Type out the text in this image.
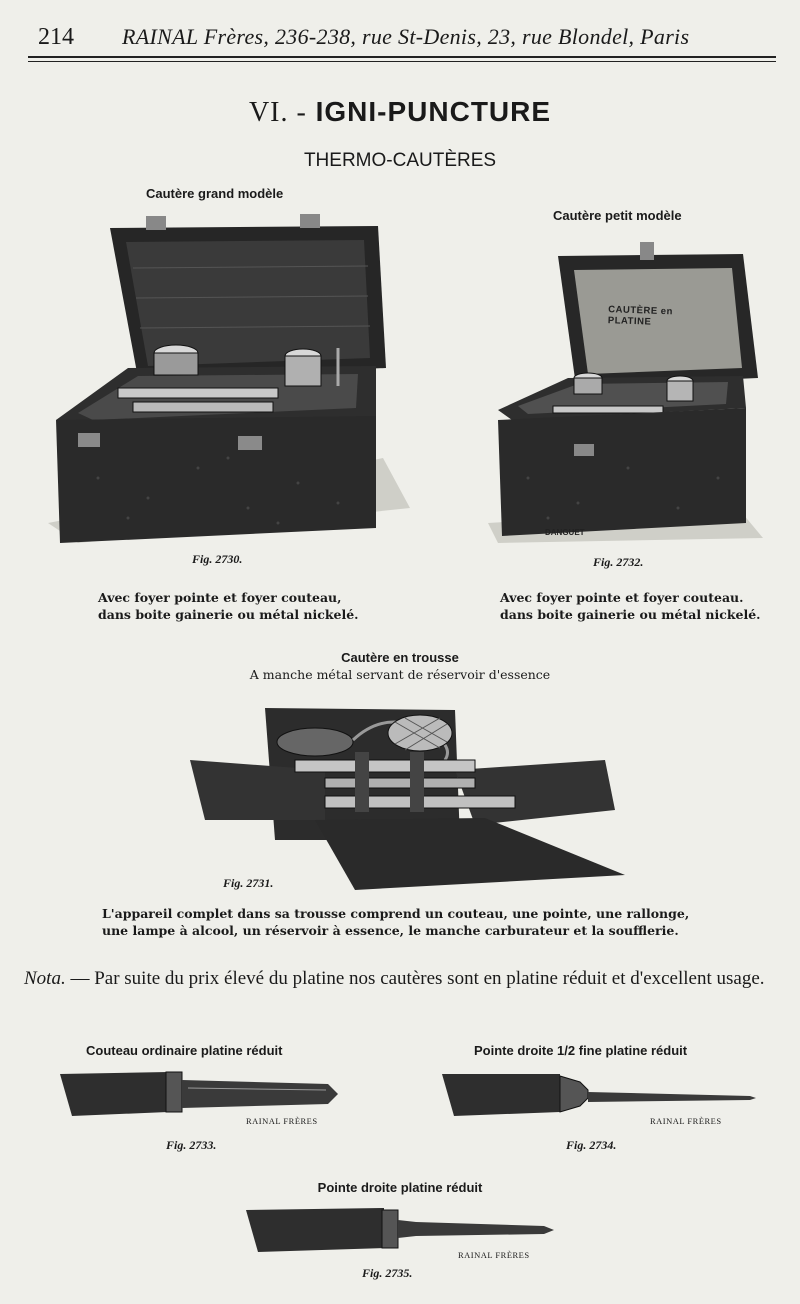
214 RAINAL Frères, 236-238, rue St-Denis, 23, rue Blondel, Paris
VI. - IGNI-PUNCTURE
THERMO-CAUTÈRES
Cautère grand modèle
Fig. 2730.
Avec foyer pointe et foyer couteau,
dans boite gainerie ou métal nickelé.
Cautère petit modèle
CAUTÈRE en PLATINE
DANGUET
Fig. 2732.
Avec foyer pointe et foyer couteau.
dans boite gainerie ou métal nickelé.
Cautère en trousse
A manche métal servant de réservoir d'essence
Fig. 2731.
L'appareil complet dans sa trousse comprend un couteau, une pointe, une rallonge,
une lampe à alcool, un réservoir à essence, le manche carburateur et la soufflerie.
Nota. — Par suite du prix élevé du platine nos cautères sont en platine réduit et d'excellent usage.
Couteau ordinaire platine réduit
RAINAL FRÈRES
Fig. 2733.
Pointe droite 1/2 fine platine réduit
RAINAL FRÈRES
Fig. 2734.
Pointe droite platine réduit
RAINAL FRÈRES
Fig. 2735.
